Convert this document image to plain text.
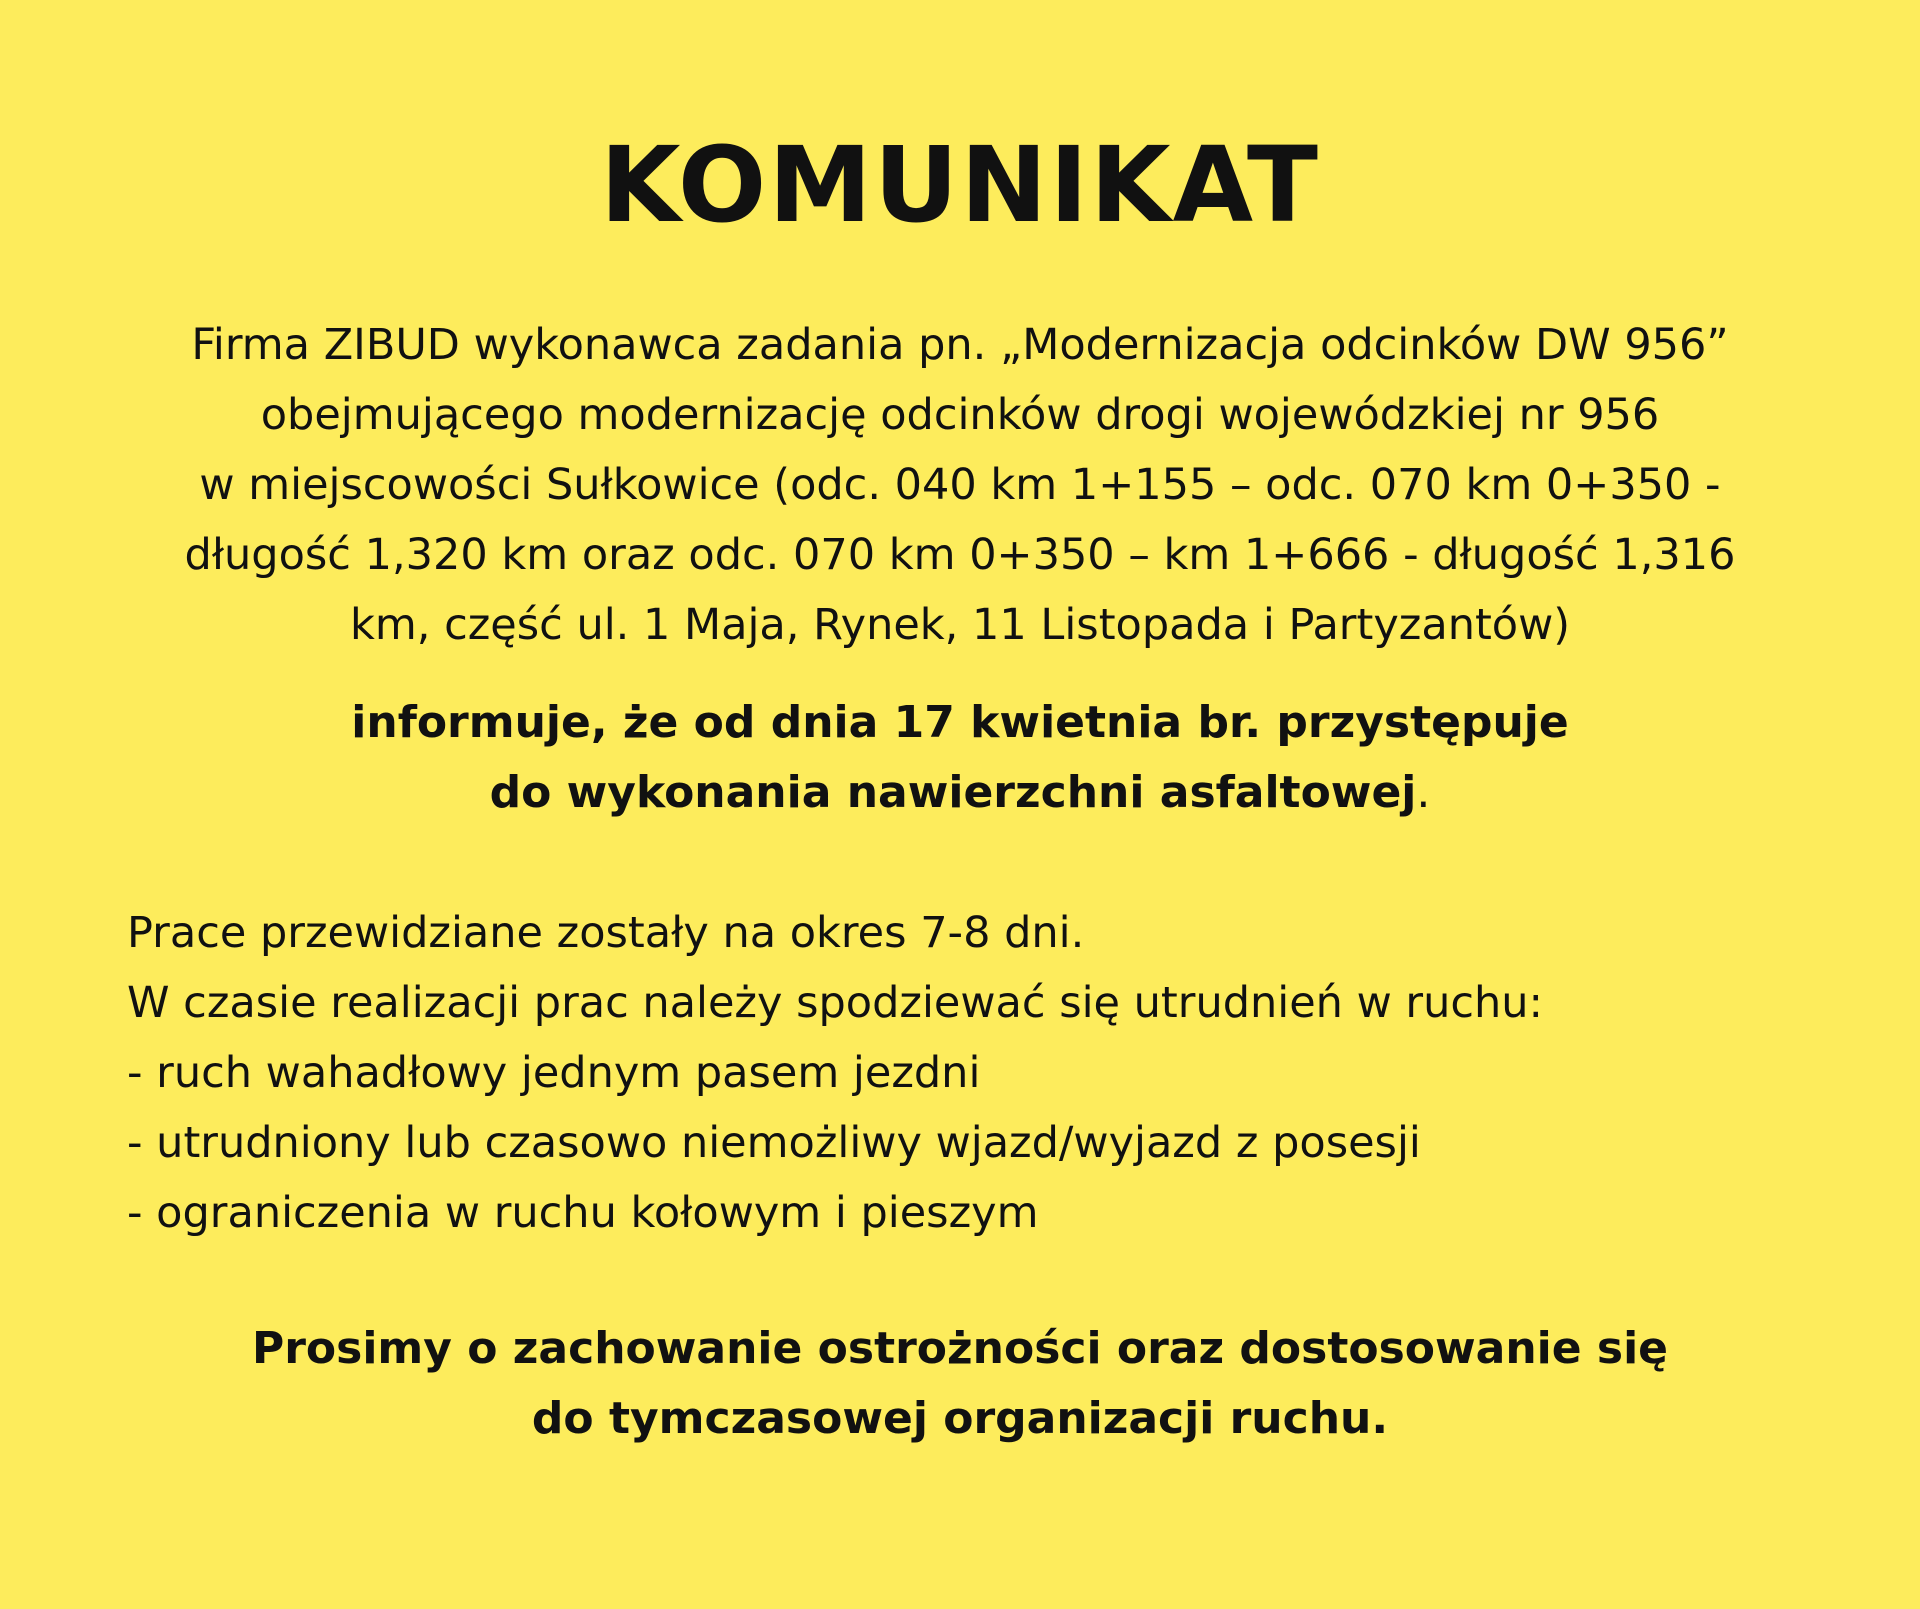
KOMUNIKAT

Firma ZIBUD wykonawca zadania pn. „Modernizacja odcinków DW 956”
obejmującego modernizację odcinków drogi wojewódzkiej nr 956
w miejscowości Sułkowice (odc. 040 km 1+155 – odc. 070 km 0+350 -
długość 1,320 km oraz odc. 070 km 0+350 – km 1+666 - długość 1,316
km, część ul. 1 Maja, Rynek, 11 Listopada i Partyzantów)

informuje, że od dnia 17 kwietnia br. przystępuje
do wykonania nawierzchni asfaltowej.

Prace przewidziane zostały na okres 7-8 dni.
W czasie realizacji prac należy spodziewać się utrudnień w ruchu:
- ruch wahadłowy jednym pasem jezdni
- utrudniony lub czasowo niemożliwy wjazd/wyjazd z posesji
- ograniczenia w ruchu kołowym i pieszym

Prosimy o zachowanie ostrożności oraz dostosowanie się
do tymczasowej organizacji ruchu.
